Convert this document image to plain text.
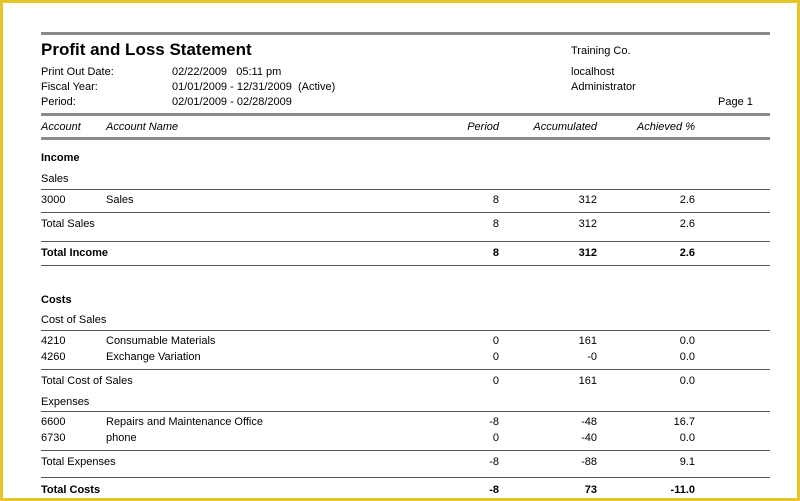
Profit and Loss Statement	Training Co.
Print Out Date:	02/22/2009   05:11 pm	localhost
Fiscal Year:	01/01/2009 - 12/31/2009  (Active)	Administrator
Period:	02/01/2009 - 02/28/2009	Page 1
Account Account Name	Period	Accumulated	Achieved %
Income
Sales
3000	Sales	8	312	2.6
Total Sales	8	312	2.6
Total Income	8	312	2.6
Costs
Cost of Sales
4210	Consumable Materials	0	161	0.0
4260	Exchange Variation	0	-0	0.0
Total Cost of Sales	0	161	0.0
Expenses
6600	Repairs and Maintenance Office	-8	-48	16.7
6730	phone	0	-40	0.0
Total Expenses	-8	-88	9.1
Total Costs	-8	73	-11.0
